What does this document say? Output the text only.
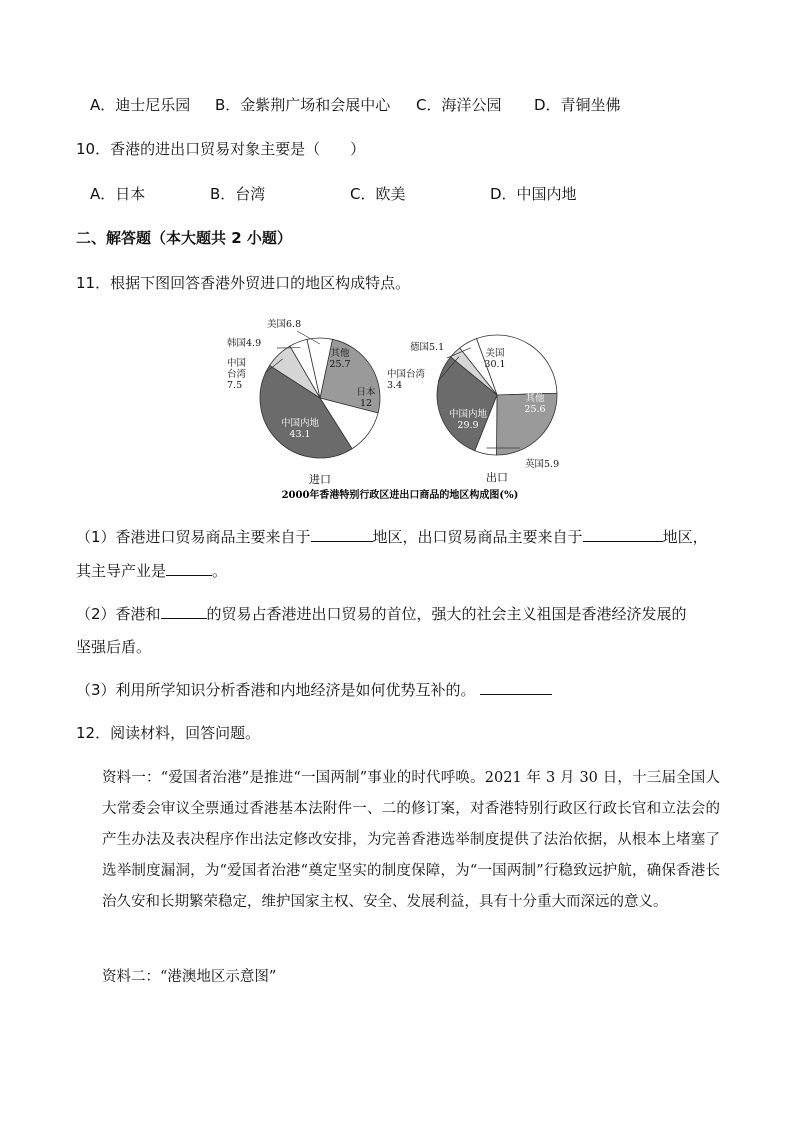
A．迪士尼乐园 B．金紫荆广场和会展中心 C．海洋公园 D．青铜坐佛
10．香港的进出口贸易对象主要是（　　）
A．日本	B．台湾	C．欧美	D．中国内地
二、解答题（本大题共 2 小题）
11．根据下图回答香港外贸进口的地区构成特点。
其他 25.7
日本 12
中国内地 43.1
中国台湾 7.5
韩国4.9
美国6.8
美国 30.1
其他 25.6
英国5.9
中国内地 29.9
中国台湾 3.4
德国5.1
进口	出口
2000年香港特别行政区进出口商品的地区构成图(%)
（1）香港进口贸易商品主要来自于	地区，出口贸易商品主要来自于	地区，
其主导产业是	。
（2）香港和	的贸易占香港进出口贸易的首位，强大的社会主义祖国是香港经济发展的
坚强后盾。
（3）利用所学知识分析香港和内地经济是如何优势互补的。
12．阅读材料，回答问题。
资料一：“爱国者治港”是推进“一国两制”事业的时代呼唤。2021 年 3 月 30 日，十三届全国人大常委会审议全票通过香港基本法附件一、二的修订案，对香港特别行政区行政长官和立法会的产生办法及表决程序作出法定修改安排，为完善香港选举制度提供了法治依据，从根本上堵塞了选举制度漏洞，为“爱国者治港“奠定坚实的制度保障，为“一国两制”行稳致远护航，确保香港长治久安和长期繁荣稳定，维护国家主权、安全、发展利益，具有十分重大而深远的意义。
资料二：“港澳地区示意图”
